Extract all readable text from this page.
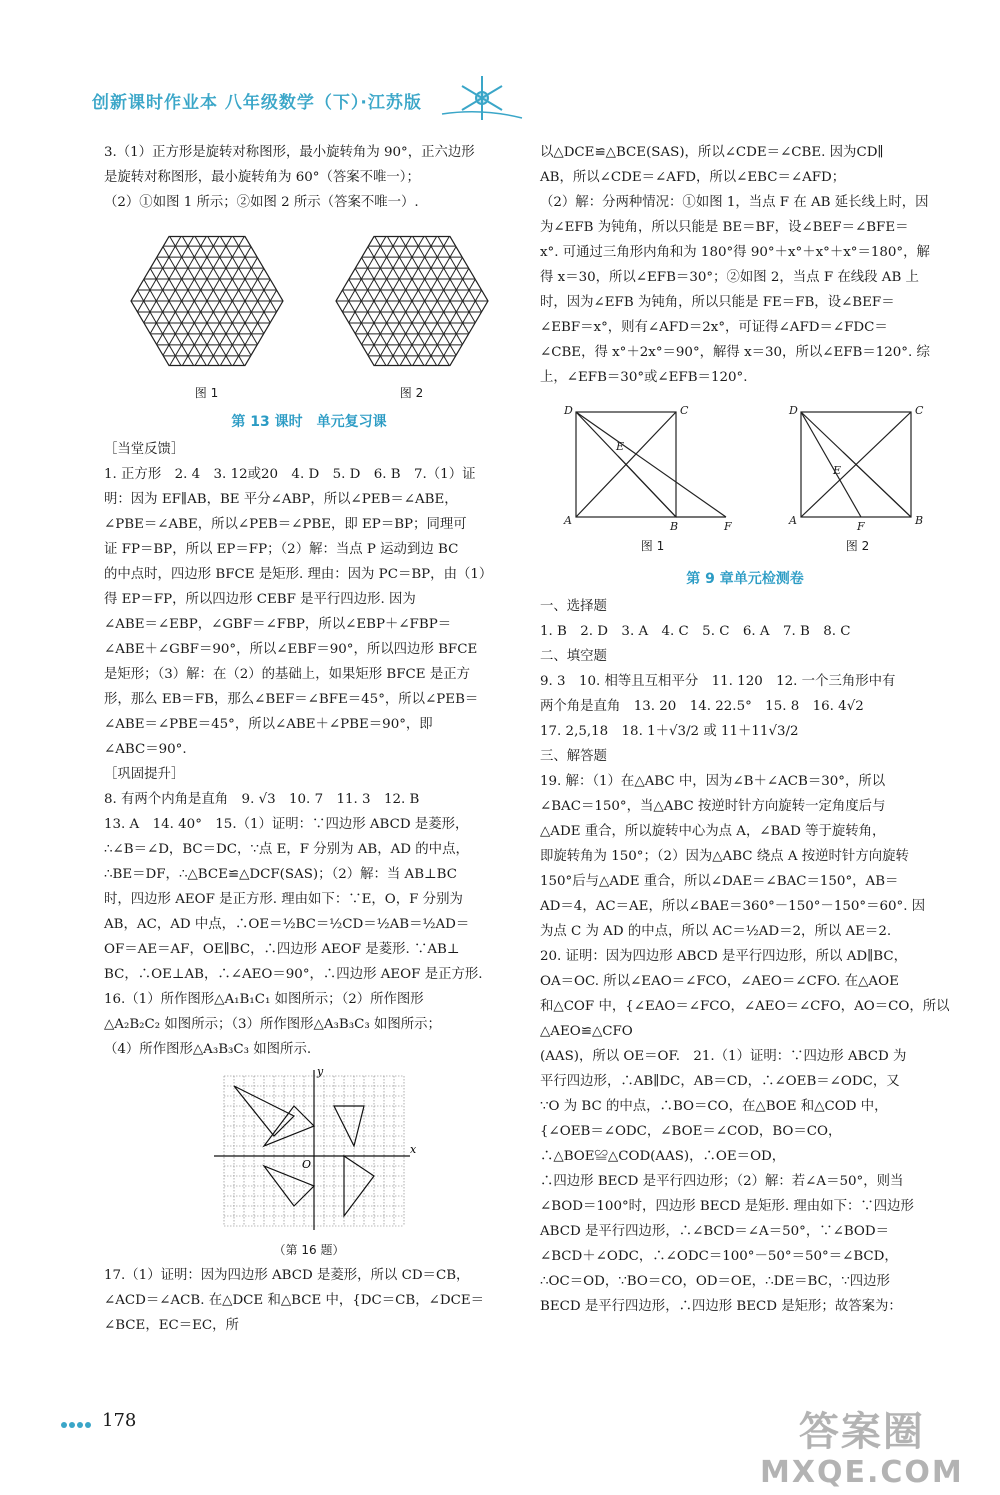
创新课时作业本 八年级数学（下）·江苏版

3.（1）正方形是旋转对称图形，最小旋转角为 90°，正六边形

是旋转对称图形，最小旋转角为 60°（答案不唯一）；

（2）①如图 1 所示；②如图 2 所示（答案不唯一）.

图 1	图 2
第 13 课时　单元复习课
［当堂反馈］

1. 正方形　2. 4　3. 12或20　4. D　5. D　6. B　7.（1）证

明：因为 EF∥AB，BE 平分∠ABP，所以∠PEB＝∠ABE，

∠PBE＝∠ABE，所以∠PEB＝∠PBE，即 EP＝BP；同理可

证 FP＝BP，所以 EP＝FP；（2）解：当点 P 运动到边 BC

的中点时，四边形 BFCE 是矩形. 理由：因为 PC＝BP，由（1）

得 EP＝FP，所以四边形 CEBF 是平行四边形. 因为

∠ABE＝∠EBP，∠GBF＝∠FBP，所以∠EBP＋∠FBP＝

∠ABE＋∠GBF＝90°，所以∠EBF＝90°，所以四边形 BFCE

是矩形；（3）解：在（2）的基础上，如果矩形 BFCE 是正方

形，那么 EB＝FB，那么∠BEF＝∠BFE＝45°，所以∠PEB＝

∠ABE＝∠PBE＝45°，所以∠ABE＋∠PBE＝90°，即

∠ABC＝90°.

［巩固提升］

8. 有两个内角是直角　9. √3　10. 7　11. 3　12. B

13. A　14. 40°　15.（1）证明：∵四边形 ABCD 是菱形，

∴∠B＝∠D，BC＝DC，∵点 E，F 分别为 AB，AD 的中点，

∴BE＝DF，∴△BCE≌△DCF(SAS)；（2）解：当 AB⊥BC

时，四边形 AEOF 是正方形. 理由如下：∵E，O，F 分别为

AB，AC，AD 中点，∴OE＝½BC＝½CD＝½AB＝½AD＝

OF＝AE＝AF，OE∥BC，∴四边形 AEOF 是菱形. ∵AB⊥

BC，∴OE⊥AB，∴∠AEO＝90°，∴四边形 AEOF 是正方形.

16.（1）所作图形△A₁B₁C₁ 如图所示；（2）所作图形

△A₂B₂C₂ 如图所示；（3）所作图形△A₃B₃C₃ 如图所示；

（4）所作图形△A₃B₃C₃ 如图所示.

O
x
y
（第 16 题）

17.（1）证明：因为四边形 ABCD 是菱形，所以 CD＝CB，

∠ACD＝∠ACB. 在△DCE 和△BCE 中，{DC＝CB，∠DCE＝∠BCE，EC＝EC，所

以△DCE≌△BCE(SAS)，所以∠CDE＝∠CBE. 因为CD∥

AB，所以∠CDE＝∠AFD，所以∠EBC＝∠AFD；

（2）解：分两种情况：①如图 1，当点 F 在 AB 延长线上时，因

为∠EFB 为钝角，所以只能是 BE＝BF，设∠BEF＝∠BFE＝

x°. 可通过三角形内角和为 180°得 90°＋x°＋x°＋x°＝180°，解

得 x＝30，所以∠EFB＝30°；②如图 2，当点 F 在线段 AB 上

时，因为∠EFB 为钝角，所以只能是 FE＝FB，设∠BEF＝

∠EBF＝x°，则有∠AFD＝2x°，可证得∠AFD＝∠FDC＝

∠CBE，得 x°＋2x°＝90°，解得 x＝30，所以∠EFB＝120°. 综

上，∠EFB＝30°或∠EFB＝120°.

D	C
A	B	F
E
图 1
D	C
A	B
F
E
图 2
第 9 章单元检测卷
一、选择题

1. B　2. D　3. A　4. C　5. C　6. A　7. B　8. C

二、填空题

9. 3　10. 相等且互相平分　11. 120　12. 一个三角形中有

两个角是直角　13. 20　14. 22.5°　15. 8　16. 4√2

17. 2,5,18　18. 1＋√3/2 或 11＋11√3/2

三、解答题

19. 解：（1）在△ABC 中，因为∠B＋∠ACB＝30°，所以

∠BAC＝150°，当△ABC 按逆时针方向旋转一定角度后与

△ADE 重合，所以旋转中心为点 A，∠BAD 等于旋转角，

即旋转角为 150°；（2）因为△ABC 绕点 A 按逆时针方向旋转

150°后与△ADE 重合，所以∠DAE＝∠BAC＝150°，AB＝

AD＝4，AC＝AE，所以∠BAE＝360°－150°－150°＝60°. 因

为点 C 为 AD 的中点，所以 AC＝½AD＝2，所以 AE＝2.

20. 证明：因为四边形 ABCD 是平行四边形，所以 AD∥BC，

OA＝OC. 所以∠EAO＝∠FCO，∠AEO＝∠CFO. 在△AOE

和△COF 中，{∠EAO＝∠FCO，∠AEO＝∠CFO，AO＝CO，所以△AEO≌△CFO

(AAS)，所以 OE＝OF.　21.（1）证明：∵四边形 ABCD 为

平行四边形，∴AB∥DC，AB＝CD，∴∠OEB＝∠ODC，又

∵O 为 BC 的中点，∴BO＝CO，在△BOE 和△COD 中，

{∠OEB＝∠ODC，∠BOE＝∠COD，BO＝CO，∴△BOE≌△COD(AAS)，∴OE＝OD，

∴四边形 BECD 是平行四边形；（2）解：若∠A＝50°，则当

∠BOD＝100°时，四边形 BECD 是矩形. 理由如下：∵四边形

ABCD 是平行四边形，∴∠BCD＝∠A＝50°，∵∠BOD＝

∠BCD＋∠ODC，∴∠ODC＝100°－50°＝50°＝∠BCD，

∴OC＝OD，∵BO＝CO，OD＝OE，∴DE＝BC，∵四边形

BECD 是平行四边形，∴四边形 BECD 是矩形；故答案为：

178	答案圈
MXQE.COM
